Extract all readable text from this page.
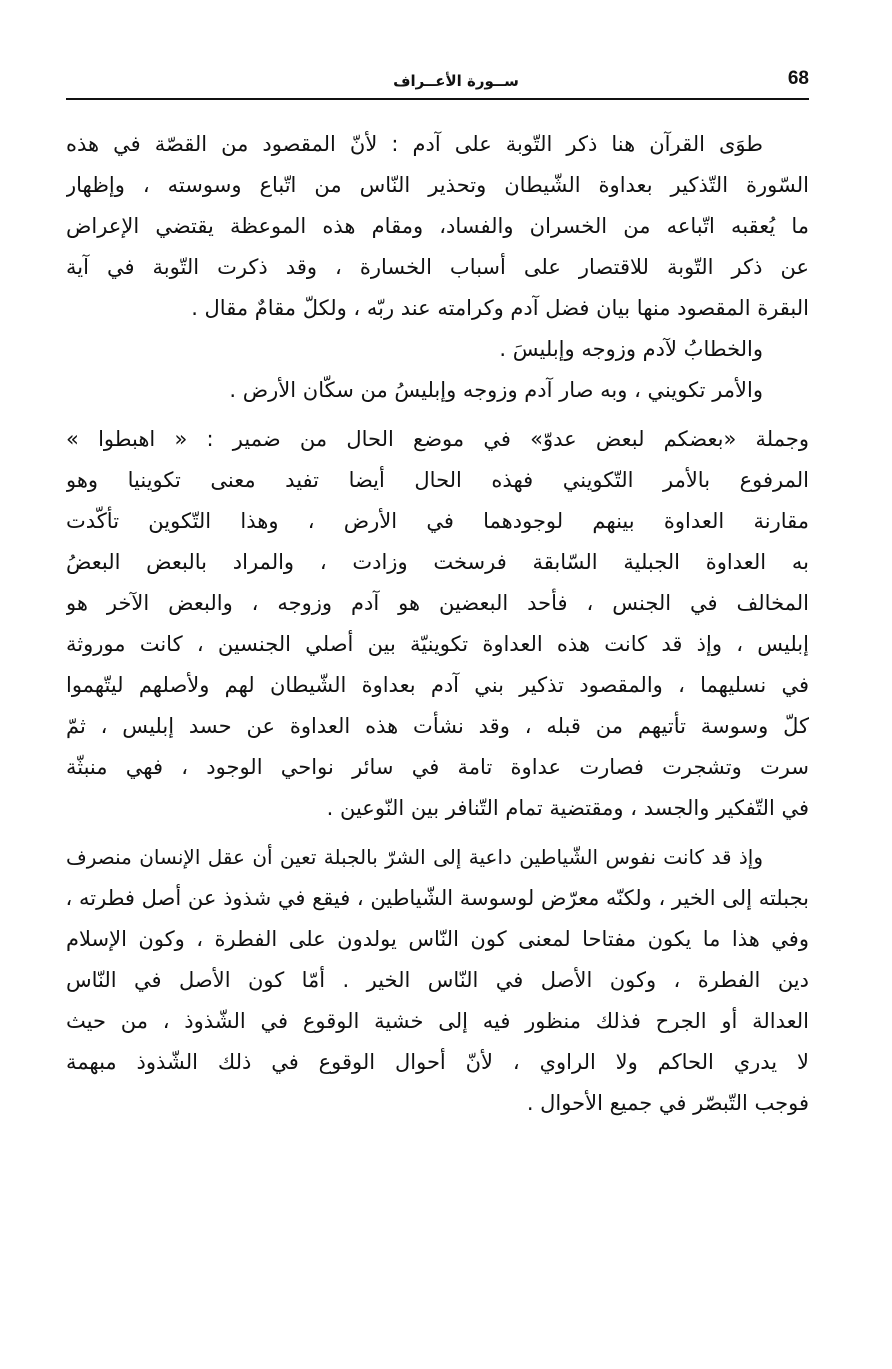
68
ســورة الأعــراف
طوَى القرآن هنا ذكر التّوبة على آدم : لأنّ المقصود من القصّة في هذه
السّورة التّذكير بعداوة الشّيطان وتحذير النّاس من اتّباع وسوسته ، وإظهار
ما يُعقبه اتّباعه من الخسران والفساد، ومقام هذه الموعظة يقتضي الإعراض
عن ذكر التّوبة للاقتصار على أسباب الخسارة ، وقد ذكرت التّوبة في آية
البقرة المقصود منها بيان فضل آدم وكرامته عند ربّه ، ولكلّ مقامٌ مقال .
والخطابُ لآدم وزوجه وإبليسَ .
والأمر تكويني ، وبه صار آدم وزوجه وإبليسُ من سكّان الأرض .
وجملة «بعضكم لبعض عدوّ» في موضع الحال من ضمير : « اهبطوا »
المرفوع بالأمر التّكويني فهذه الحال أيضا تفيد معنى تكوينيا وهو
مقارنة العداوة بينهم لوجودهما في الأرض ، وهذا التّكوين تأكّدت
به العداوة الجبلية السّابقة فرسخت وزادت ، والمراد بالبعض البعضُ
المخالف في الجنس ، فأحد البعضين هو آدم وزوجه ، والبعض الآخر هو
إبليس ، وإذ قد كانت هذه العداوة تكوينيّة بين أصلي الجنسين ، كانت موروثة
في نسليهما ، والمقصود تذكير بني آدم بعداوة الشّيطان لهم ولأصلهم ليتّهموا
كلّ وسوسة تأتيهم من قبله ، وقد نشأت هذه العداوة عن حسد إبليس ، ثمّ
سرت وتشجرت فصارت عداوة تامة في سائر نواحي الوجود ، فهي منبثّة
في التّفكير والجسد ، ومقتضية تمام التّنافر بين النّوعين .
وإذ قد كانت نفوس الشّياطين داعية إلى الشرّ بالجبلة تعين أن عقل الإنسان منصرف
بجبلته إلى الخير ، ولكنّه معرّض لوسوسة الشّياطين ، فيقع في شذوذ عن أصل فطرته ،
وفي هذا ما يكون مفتاحا لمعنى كون النّاس يولدون على الفطرة ، وكون الإسلام
دين الفطرة ، وكون الأصل في النّاس الخير . أمّا كون الأصل في النّاس
العدالة أو الجرح فذلك منظور فيه إلى خشية الوقوع في الشّذوذ ، من حيث
لا يدري الحاكم ولا الراوي ، لأنّ أحوال الوقوع في ذلك الشّذوذ مبهمة
فوجب التّبصّر في جميع الأحوال .
